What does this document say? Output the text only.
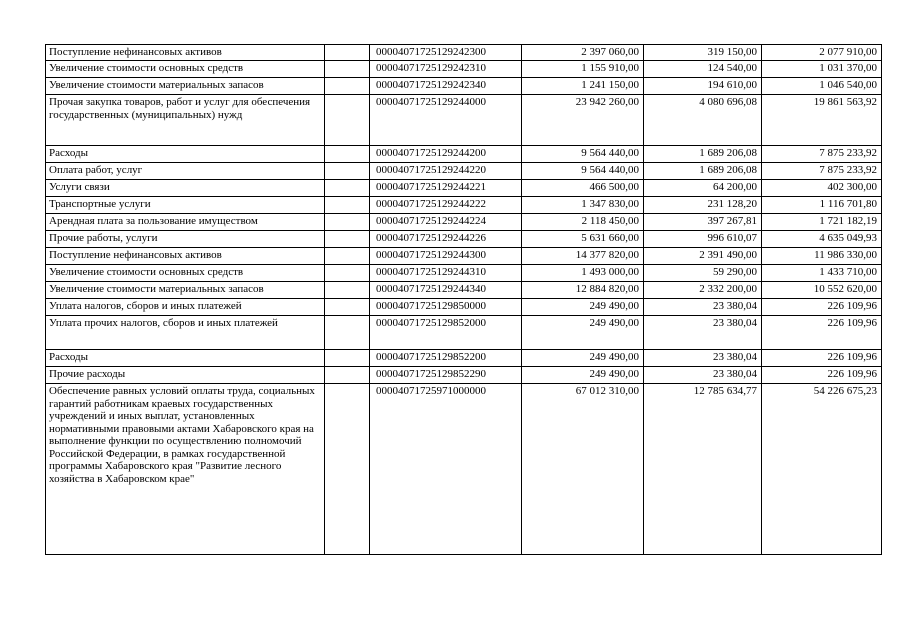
Поступление нефинансовых активов		00004071725129242300	2 397 060,00	319 150,00	2 077 910,00
Увеличение стоимости основных средств		00004071725129242310	1 155 910,00	124 540,00	1 031 370,00
Увеличение стоимости материальных запасов		00004071725129242340	1 241 150,00	194 610,00	1 046 540,00
Прочая закупка товаров, работ и услуг для обеспечения государственных (муниципальных) нужд		00004071725129244000	23 942 260,00	4 080 696,08	19 861 563,92
Расходы		00004071725129244200	9 564 440,00	1 689 206,08	7 875 233,92
Оплата работ, услуг		00004071725129244220	9 564 440,00	1 689 206,08	7 875 233,92
Услуги связи		00004071725129244221	466 500,00	64 200,00	402 300,00
Транспортные услуги		00004071725129244222	1 347 830,00	231 128,20	1 116 701,80
Арендная плата за пользование имуществом		00004071725129244224	2 118 450,00	397 267,81	1 721 182,19
Прочие работы, услуги		00004071725129244226	5 631 660,00	996 610,07	4 635 049,93
Поступление нефинансовых активов		00004071725129244300	14 377 820,00	2 391 490,00	11 986 330,00
Увеличение стоимости основных средств		00004071725129244310	1 493 000,00	59 290,00	1 433 710,00
Увеличение стоимости материальных запасов		00004071725129244340	12 884 820,00	2 332 200,00	10 552 620,00
Уплата налогов, сборов и иных платежей		00004071725129850000	249 490,00	23 380,04	226 109,96
Уплата прочих налогов, сборов и иных платежей		00004071725129852000	249 490,00	23 380,04	226 109,96
Расходы		00004071725129852200	249 490,00	23 380,04	226 109,96
Прочие расходы		00004071725129852290	249 490,00	23 380,04	226 109,96
Обеспечение равных условий оплаты труда, социальных гарантий работникам краевых государственных учреждений и иных выплат, установленных нормативными правовыми актами Хабаровского края на выполнение функции по осуществлению полномочий Российской Федерации, в рамках государственной программы Хабаровского края "Развитие лесного хозяйства в Хабаровском крае"		00004071725971000000	67 012 310,00	12 785 634,77	54 226 675,23
